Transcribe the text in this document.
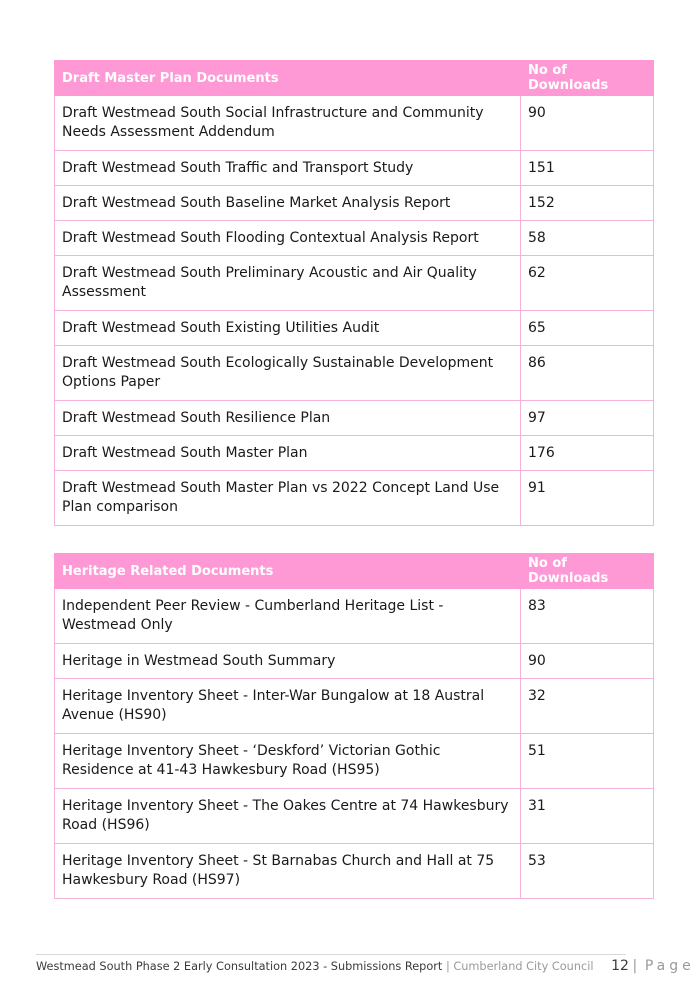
Draft Master Plan Documents	No of Downloads
Draft Westmead South Social Infrastructure and Community Needs Assessment Addendum	90
Draft Westmead South Traffic and Transport Study	151
Draft Westmead South Baseline Market Analysis Report	152
Draft Westmead South Flooding Contextual Analysis Report	58
Draft Westmead South Preliminary Acoustic and Air Quality Assessment	62
Draft Westmead South Existing Utilities Audit	65
Draft Westmead South Ecologically Sustainable Development Options Paper	86
Draft Westmead South Resilience Plan	97
Draft Westmead South Master Plan	176
Draft Westmead South Master Plan vs 2022 Concept Land Use Plan comparison	91
Heritage Related Documents	No of Downloads
Independent Peer Review - Cumberland Heritage List - Westmead Only	83
Heritage in Westmead South Summary	90
Heritage Inventory Sheet - Inter-War Bungalow at 18 Austral Avenue (HS90)	32
Heritage Inventory Sheet - ‘Deskford’ Victorian Gothic Residence at 41-43 Hawkesbury Road (HS95)	51
Heritage Inventory Sheet - The Oakes Centre at 74 Hawkesbury Road (HS96)	31
Heritage Inventory Sheet - St Barnabas Church and Hall at 75 Hawkesbury Road (HS97)	53
Westmead South Phase 2 Early Consultation 2023 - Submissions Report | Cumberland City Council 12 | Page
